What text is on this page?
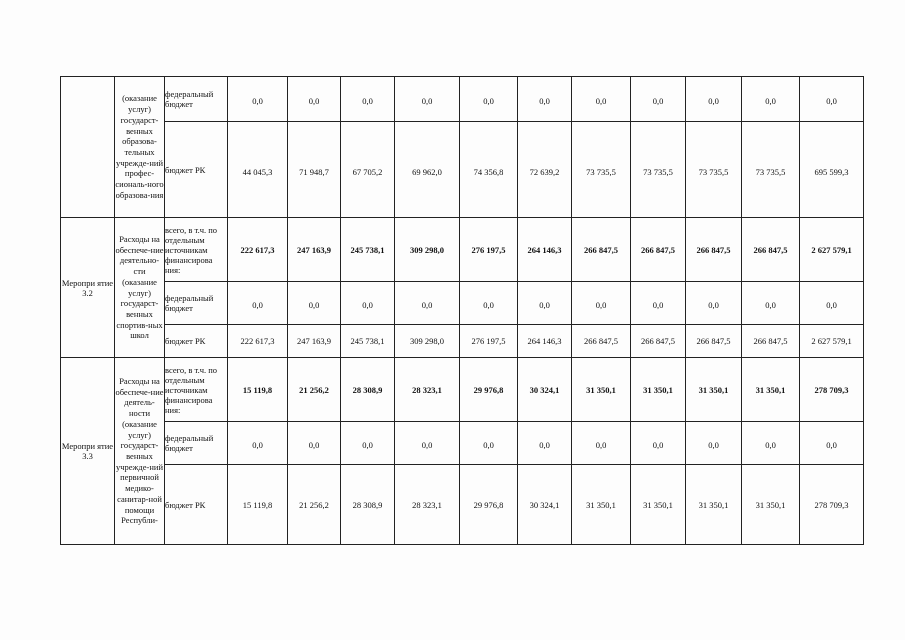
	(оказание услуг) государст-венных образова-тельных учрежде-ний профес-сиональ-ного образова-ния	федеральный бюджет	0,0	0,0	0,0	0,0	0,0	0,0	0,0	0,0	0,0	0,0	0,0
		бюджет РК	44 045,3	71 948,7	67 705,2	69 962,0	74 356,8	72 639,2	73 735,5	73 735,5	73 735,5	73 735,5	695 599,3
Меропри ятие 3.2	Расходы на обеспече-ние деятельно-сти (оказание услуг) государст-венных спортив-ных школ	всего, в т.ч. по отдельным источникам финансирова ния:	222 617,3	247 163,9	245 738,1	309 298,0	276 197,5	264 146,3	266 847,5	266 847,5	266 847,5	266 847,5	2 627 579,1
		федеральный бюджет	0,0	0,0	0,0	0,0	0,0	0,0	0,0	0,0	0,0	0,0	0,0
		бюджет РК	222 617,3	247 163,9	245 738,1	309 298,0	276 197,5	264 146,3	266 847,5	266 847,5	266 847,5	266 847,5	2 627 579,1
Меропри ятие 3.3	Расходы на обеспече-ние деятель-ности (оказание услуг) государст-венных учрежде-ний первичной медико-санитар-ной помощи Республи-	всего, в т.ч. по отдельным источникам финансирова ния:	15 119,8	21 256,2	28 308,9	28 323,1	29 976,8	30 324,1	31 350,1	31 350,1	31 350,1	31 350,1	278 709,3
		федеральный бюджет	0,0	0,0	0,0	0,0	0,0	0,0	0,0	0,0	0,0	0,0	0,0
		бюджет РК	15 119,8	21 256,2	28 308,9	28 323,1	29 976,8	30 324,1	31 350,1	31 350,1	31 350,1	31 350,1	278 709,3
